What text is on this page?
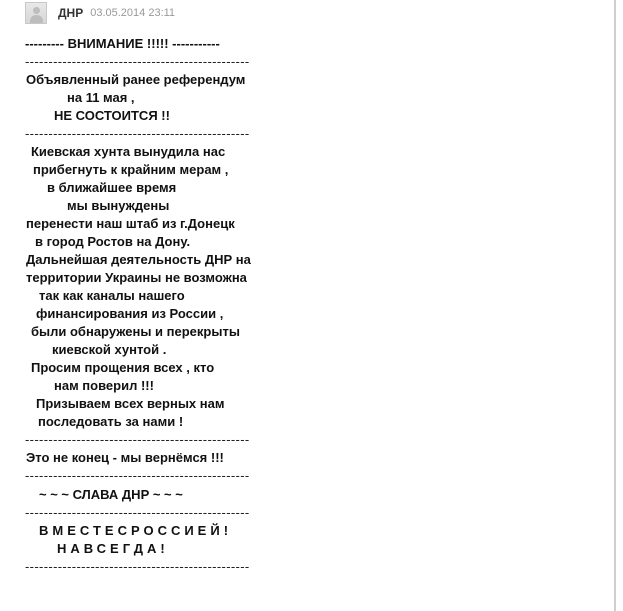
ДНР 03.05.2014 23:11
--------- ВНИМАНИЕ !!!!! -----------
------------------------------------------------
Объявленный ранее референдум
на 11 мая ,
НЕ СОСТОИТСЯ !!
------------------------------------------------
Киевская хунта вынудила нас
прибегнуть к крайним мерам ,
в ближайшее время
мы вынуждены
перенести наш штаб из г.Донецк
в город Ростов на Дону.
Дальнейшая деятельность ДНР на
территории Украины не возможна
так как каналы нашего
финансирования из России ,
были обнаружены и перекрыты
киевской хунтой .
Просим прощения всех , кто
нам поверил !!!
Призываем всех верных нам
последовать за нами !
------------------------------------------------
Это не конец - мы вернёмся !!!
------------------------------------------------
~ ~ ~ СЛАВА ДНР ~ ~ ~
------------------------------------------------
ВМЕСТЕСРОССИЕЙ!
НАВСЕГДА!
------------------------------------------------
